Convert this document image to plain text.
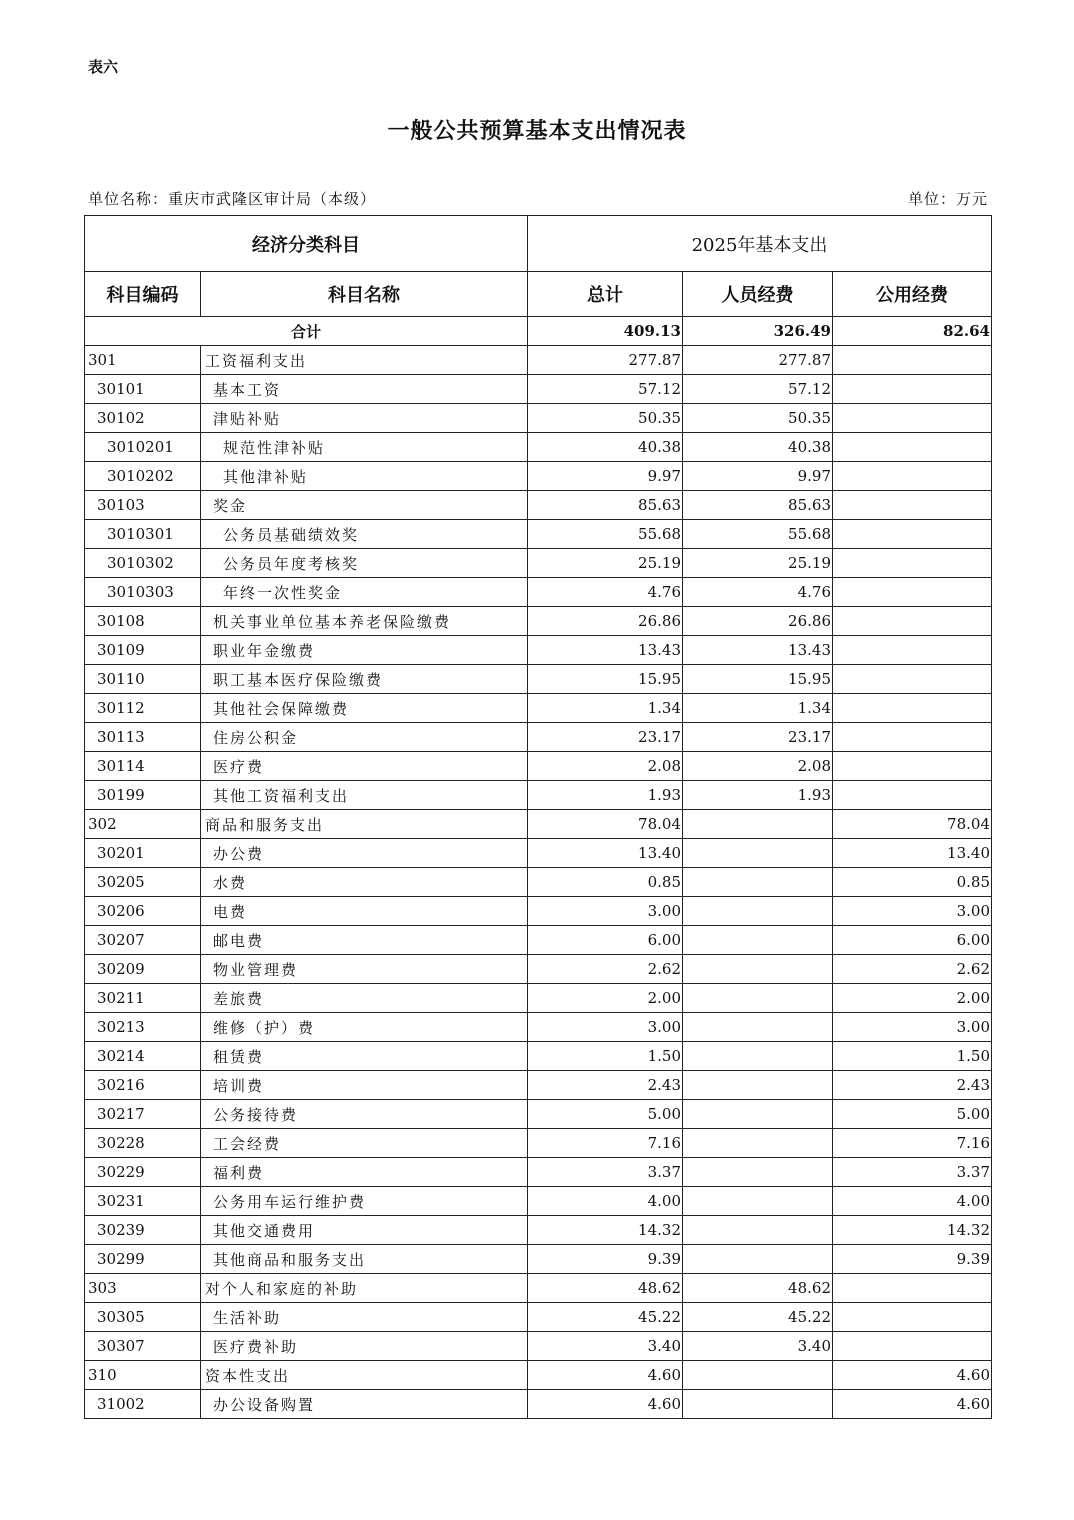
表六
一般公共预算基本支出情况表
单位名称：重庆市武隆区审计局（本级）	单位：万元
经济分类科目		2025年基本支出		
科目编码	科目名称	总计	人员经费	公用经费
合计		409.13	326.49	82.64
301	工资福利支出	277.87	277.87	
30101	基本工资	57.12	57.12	
30102	津贴补贴	50.35	50.35	
3010201	规范性津补贴	40.38	40.38	
3010202	其他津补贴	9.97	9.97	
30103	奖金	85.63	85.63	
3010301	公务员基础绩效奖	55.68	55.68	
3010302	公务员年度考核奖	25.19	25.19	
3010303	年终一次性奖金	4.76	4.76	
30108	机关事业单位基本养老保险缴费	26.86	26.86	
30109	职业年金缴费	13.43	13.43	
30110	职工基本医疗保险缴费	15.95	15.95	
30112	其他社会保障缴费	1.34	1.34	
30113	住房公积金	23.17	23.17	
30114	医疗费	2.08	2.08	
30199	其他工资福利支出	1.93	1.93	
302	商品和服务支出	78.04		78.04
30201	办公费	13.40		13.40
30205	水费	0.85		0.85
30206	电费	3.00		3.00
30207	邮电费	6.00		6.00
30209	物业管理费	2.62		2.62
30211	差旅费	2.00		2.00
30213	维修（护）费	3.00		3.00
30214	租赁费	1.50		1.50
30216	培训费	2.43		2.43
30217	公务接待费	5.00		5.00
30228	工会经费	7.16		7.16
30229	福利费	3.37		3.37
30231	公务用车运行维护费	4.00		4.00
30239	其他交通费用	14.32		14.32
30299	其他商品和服务支出	9.39		9.39
303	对个人和家庭的补助	48.62	48.62	
30305	生活补助	45.22	45.22	
30307	医疗费补助	3.40	3.40	
310	资本性支出	4.60		4.60
31002	办公设备购置	4.60		4.60
